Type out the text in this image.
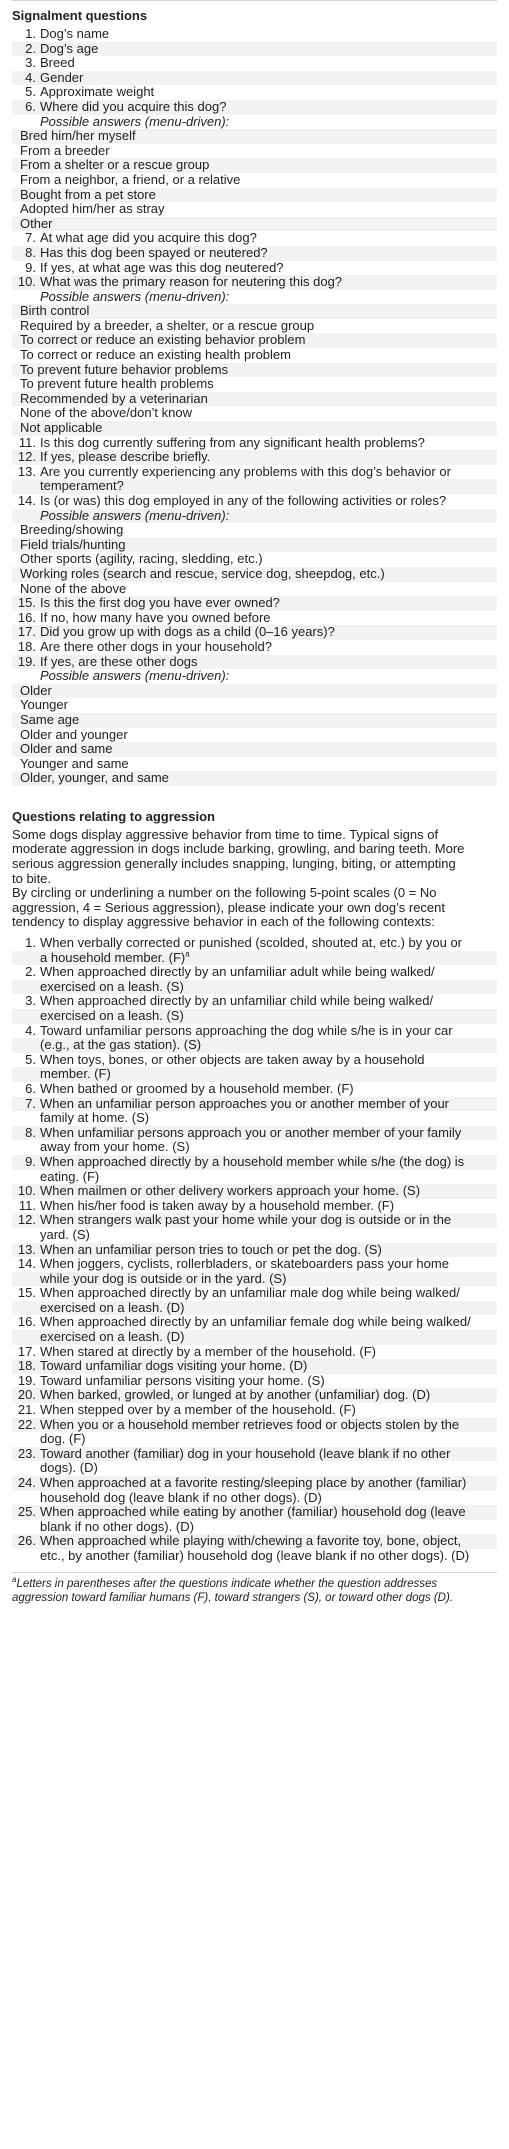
Signalment questions
1. Dog’s name
2. Dog’s age
3. Breed
4. Gender
5. Approximate weight
6. Where did you acquire this dog?
Possible answers (menu-driven):
Bred him/her myself
From a breeder
From a shelter or a rescue group
From a neighbor, a friend, or a relative
Bought from a pet store
Adopted him/her as stray
Other
7. At what age did you acquire this dog?
8. Has this dog been spayed or neutered?
9. If yes, at what age was this dog neutered?
10. What was the primary reason for neutering this dog?
Possible answers (menu-driven):
Birth control
Required by a breeder, a shelter, or a rescue group
To correct or reduce an existing behavior problem
To correct or reduce an existing health problem
To prevent future behavior problems
To prevent future health problems
Recommended by a veterinarian
None of the above/don’t know
Not applicable
11. Is this dog currently suffering from any significant health problems?
12. If yes, please describe briefly.
13. Are you currently experiencing any problems with this dog’s behavior or
temperament?
14. Is (or was) this dog employed in any of the following activities or roles?
Possible answers (menu-driven):
Breeding/showing
Field trials/hunting
Other sports (agility, racing, sledding, etc.)
Working roles (search and rescue, service dog, sheepdog, etc.)
None of the above
15. Is this the first dog you have ever owned?
16. If no, how many have you owned before
17. Did you grow up with dogs as a child (0–16 years)?
18. Are there other dogs in your household?
19. If yes, are these other dogs
Possible answers (menu-driven):
Older
Younger
Same age
Older and younger
Older and same
Younger and same
Older, younger, and same
Questions relating to aggression
Some dogs display aggressive behavior from time to time. Typical signs of
moderate aggression in dogs include barking, growling, and baring teeth. More
serious aggression generally includes snapping, lunging, biting, or attempting
to bite.
By circling or underlining a number on the following 5-point scales (0 = No
aggression, 4 = Serious aggression), please indicate your own dog’s recent
tendency to display aggressive behavior in each of the following contexts:
1. When verbally corrected or punished (scolded, shouted at, etc.) by you or
a household member. $(F)^a$
2. When approached directly by an unfamiliar adult while being walked/
exercised on a leash. (S)
3. When approached directly by an unfamiliar child while being walked/
exercised on a leash. (S)
4. Toward unfamiliar persons approaching the dog while s/he is in your car
(e.g., at the gas station). (S)
5. When toys, bones, or other objects are taken away by a household
member. (F)
6. When bathed or groomed by a household member. (F)
7. When an unfamiliar person approaches you or another member of your
family at home. (S)
8. When unfamiliar persons approach you or another member of your family
away from your home. (S)
9. When approached directly by a household member while s/he (the dog) is
eating. (F)
10. When mailmen or other delivery workers approach your home. (S)
11. When his/her food is taken away by a household member. (F)
12. When strangers walk past your home while your dog is outside or in the
yard. (S)
13. When an unfamiliar person tries to touch or pet the dog. (S)
14. When joggers, cyclists, rollerbladers, or skateboarders pass your home
while your dog is outside or in the yard. (S)
15. When approached directly by an unfamiliar male dog while being walked/
exercised on a leash. (D)
16. When approached directly by an unfamiliar female dog while being walked/
exercised on a leash. (D)
17. When stared at directly by a member of the household. (F)
18. Toward unfamiliar dogs visiting your home. (D)
19. Toward unfamiliar persons visiting your home. (S)
20. When barked, growled, or lunged at by another (unfamiliar) dog. (D)
21. When stepped over by a member of the household. (F)
22. When you or a household member retrieves food or objects stolen by the
dog. (F)
23. Toward another (familiar) dog in your household (leave blank if no other
dogs). (D)
24. When approached at a favorite resting/sleeping place by another (familiar)
household dog (leave blank if no other dogs). (D)
25. When approached while eating by another (familiar) household dog (leave
blank if no other dogs). (D)
26. When approached while playing with/chewing a favorite toy, bone, object,
etc., by another (familiar) household dog (leave blank if no other dogs). (D)
$^a$Letters in parentheses after the questions indicate whether the question addresses
aggression toward familiar humans (F), toward strangers (S), or toward other dogs (D).
